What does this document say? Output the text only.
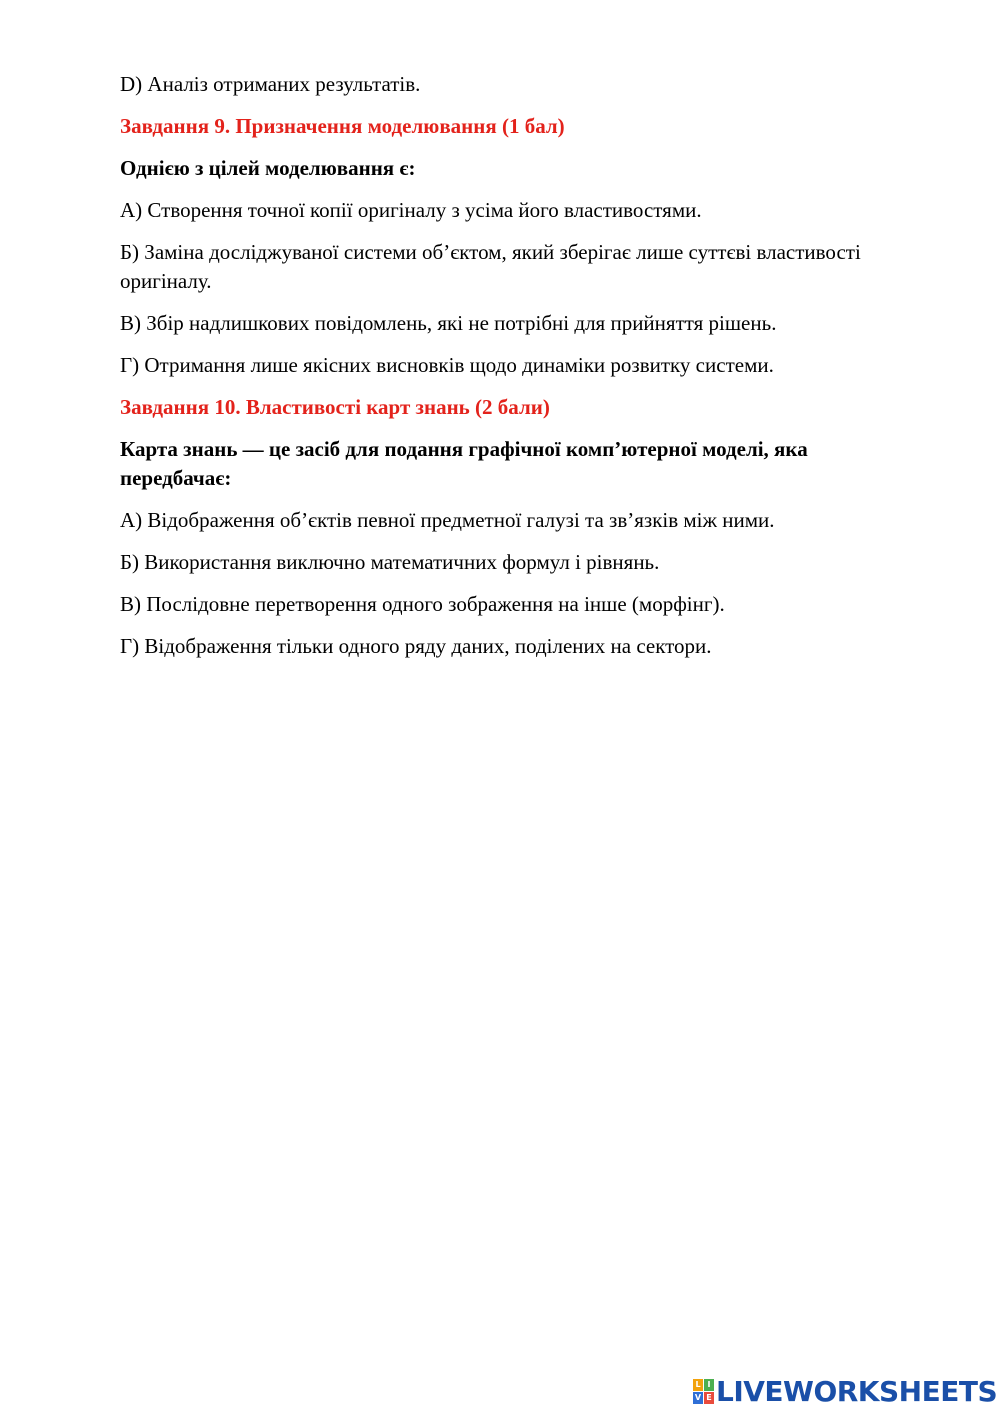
D) Аналіз отриманих результатів.

Завдання 9. Призначення моделювання (1 бал)

Однією з цілей моделювання є:

А) Створення точної копії оригіналу з усіма його властивостями.

Б) Заміна досліджуваної системи об’єктом, який зберігає лише суттєві властивості оригіналу.

В) Збір надлишкових повідомлень, які не потрібні для прийняття рішень.

Г) Отримання лише якісних висновків щодо динаміки розвитку системи.

Завдання 10. Властивості карт знань (2 бали)

Карта знань — це засіб для подання графічної комп’ютерної моделі, яка передбачає:

А) Відображення об’єктів певної предметної галузі та зв’язків між ними.

Б) Використання виключно математичних формул і рівнянь.

В) Послідовне перетворення одного зображення на інше (морфінг).

Г) Відображення тільки одного ряду даних, поділених на сектори.

L I
V E LIVEWORKSHEETS
